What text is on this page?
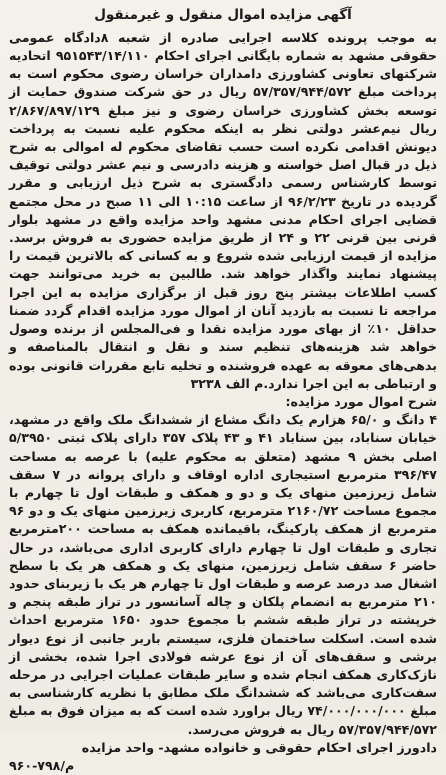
آگهی مزایده اموال منقول و غیرمنقول

به موجب پرونده کلاسه اجرایی صادره از شعبه ۸دادگاه عمومی حقوقی مشهد به شماره بایگانی اجرای احکام ۹۵۱۵۴۳/۱۴/۱۱۰ اتحادیه شرکتهای تعاونی کشاورزی دامداران خراسان رضوی محکوم است به پرداخت مبلغ ۵۷/۳۵۷/۹۴۴/۵۷۲ ریال در حق شرکت صندوق حمایت از توسعه بخش کشاورزی خراسان رضوی و نیز مبلغ ۲/۸۶۷/۸۹۷/۱۲۹ ریال نیم‌عشر دولتی نظر به اینکه محکوم علیه نسبت به پرداخت دیونش اقدامی نکرده است حسب تقاضای محکوم له اموالی به شرح ذیل در قبال اصل خواسته و هزینه دادرسی و نیم عشر دولتی توقیف توسط کارشناس رسمی دادگستری به شرح ذیل ارزیابی و مقرر گردیده در تاریخ ۹۶/۲/۲۳ از ساعت ۱۰:۱۵ الی ۱۱ صبح در محل مجتمع قضایی اجرای احکام مدنی مشهد واحد مزایده واقع در مشهد بلوار قرنی بین قرنی ۲۲ و ۲۴ از طریق مزایده حضوری به فروش برسد. مزایده از قیمت ارزیابی شده شروع و به کسانی که بالاترین قیمت را پیشنهاد نمایند واگذار خواهد شد. طالبین به خرید می‌توانند جهت کسب اطلاعات بیشتر پنج روز قبل از برگزاری مزایده به این اجرا مراجعه تا نسبت به بازدید آنان از اموال مورد مزایده اقدام گردد ضمنا حداقل ۱۰٪ از بهای مورد مزایده نقدا و فی‌المجلس از برنده وصول خواهد شد هزینه‌های تنظیم سند و نقل و انتقال بالمناصفه و بدهی‌های معوقه به عهده فروشنده و تخلیه تابع مقررات قانونی بوده و ارتباطی به این اجرا ندارد.م الف ۳۲۳۸

شرح اموال مورد مزایده:

۴ دانگ و ۶۵/۰ هزارم یک دانگ مشاع از ششدانگ ملک واقع در مشهد، خیابان سناباد، بین سناباد ۴۱ و ۴۳ پلاک ۳۵۷ دارای پلاک ثبتی ۵/۳۹۵۰ اصلی بخش ۹ مشهد (متعلق به محکوم علیه) با عرصه به مساحت ۳۹۶/۴۷ مترمربع استیجاری اداره اوقاف و دارای پروانه در ۷ سقف شامل زیرزمین منهای یک و دو و همکف و طبقات اول تا چهارم با مجموع مساحت ۲۱۶۰/۷۲ مترمربع، کاربری زیرزمین منهای یک و دو ۹۶ مترمربع از همکف پارکینگ، باقیمانده همکف به مساحت ۲۰۰مترمربع تجاری و طبقات اول تا چهارم دارای کاربری اداری می‌باشد، در حال حاضر ۶ سقف شامل زیرزمین، منهای یک و همکف هر یک با سطح اشغال صد درصد عرصه و طبقات اول تا چهارم هر یک با زیربنای حدود ۲۱۰ مترمربع به انضمام پلکان و چاله آسانسور در تراز طبقه پنجم و خرپشته در تراز طبقه ششم با مجموع حدود ۱۶۵۰ مترمربع احداث شده است. اسکلت ساختمان فلزی، سیستم باربر جانبی از نوع دیوار برشی و سقف‌های آن از نوع عرشه فولادی اجرا شده، بخشی از نازک‌کاری همکف انجام شده و سایر طبقات عملیات اجرایی در مرحله سفت‌کاری می‌باشد که ششدانگ ملک مطابق با نظریه کارشناسی به مبلغ ۷۴/۰۰۰/۰۰۰/۰۰۰ ریال براورد شده است که به میزان فوق به مبلغ ۵۷/۳۵۷/۹۴۴/۵۷۲ ریال به فروش می‌رسد.

دادورز اجرای احکام حقوقی و خانواده مشهد- واحد مزایده

م/۷۹۸-۹۶۰
